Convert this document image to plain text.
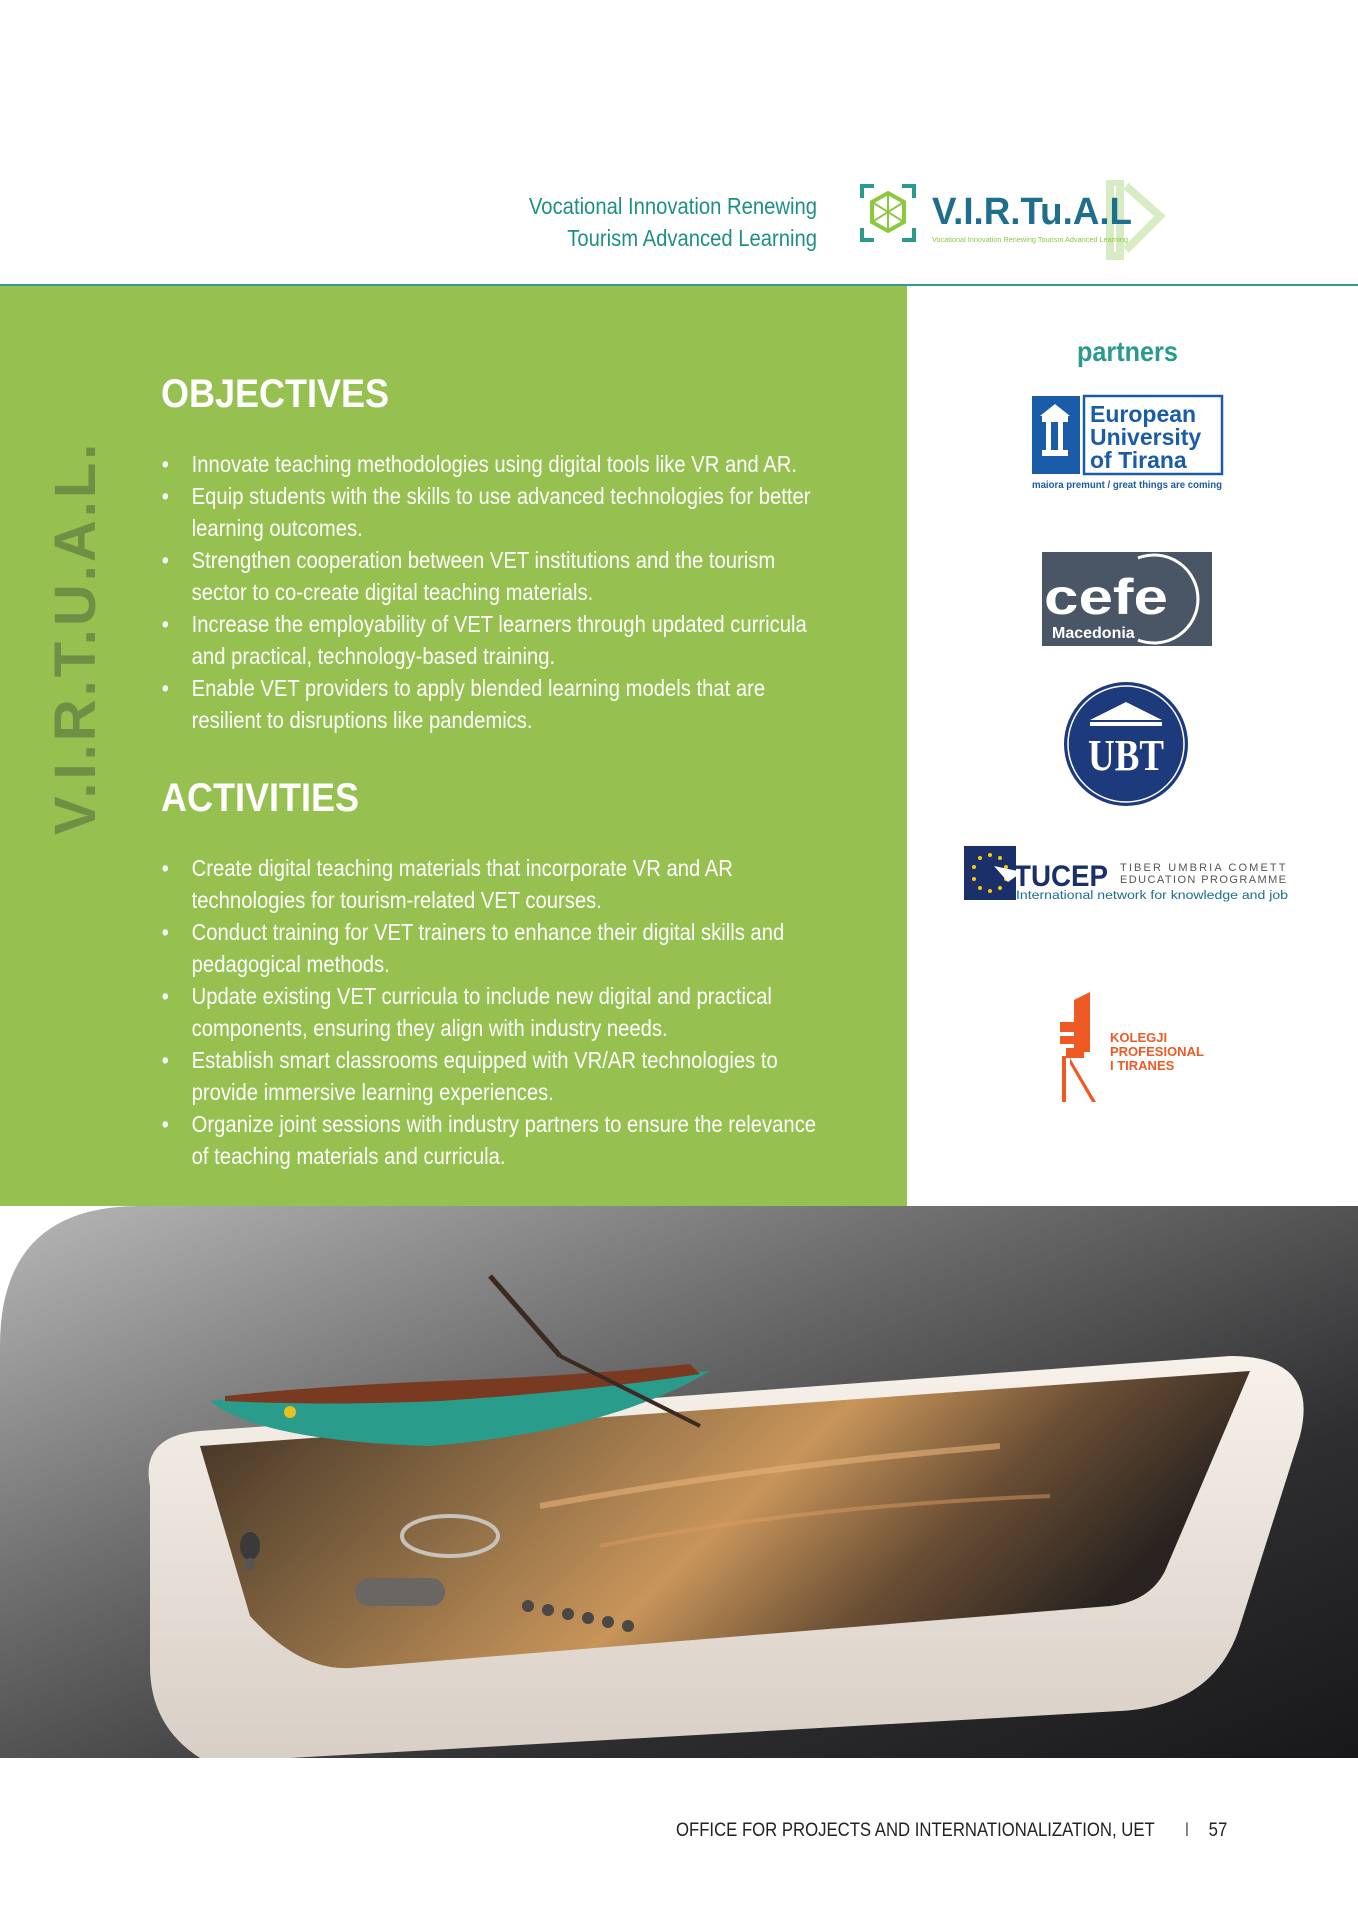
Vocational Innovation Renewing
Tourism Advanced Learning
V.I.R.Tu.A.L
Vocational Innovation Renewing Tourism Advanced Learning
V.I.R.T.U.A.L.
OBJECTIVES
• Innovate teaching methodologies using digital tools like VR and AR.
• Equip students with the skills to use advanced technologies for better learning outcomes.
• Strengthen cooperation between VET institutions and the tourism sector to co-create digital teaching materials.
• Increase the employability of VET learners through updated curricula and practical, technology-based training.
• Enable VET providers to apply blended learning models that are resilient to disruptions like pandemics.
ACTIVITIES
• Create digital teaching materials that incorporate VR and AR technologies for tourism-related VET courses.
• Conduct training for VET trainers to enhance their digital skills and pedagogical methods.
• Update existing VET curricula to include new digital and practical components, ensuring they align with industry needs.
• Establish smart classrooms equipped with VR/AR technologies to provide immersive learning experiences.
• Organize joint sessions with industry partners to ensure the relevance of teaching materials and curricula.
partners
European
University
of Tirana
maiora premunt / great things are coming
cefe
Macedonia
UBT
TUCEP TIBER UMBRIA COMETT
EDUCATION PROGRAMME
International network for knowledge and job
KOLEGJI
PROFESIONAL
I TIRANES
OFFICE FOR PROJECTS AND INTERNATIONALIZATION, UET I 57
